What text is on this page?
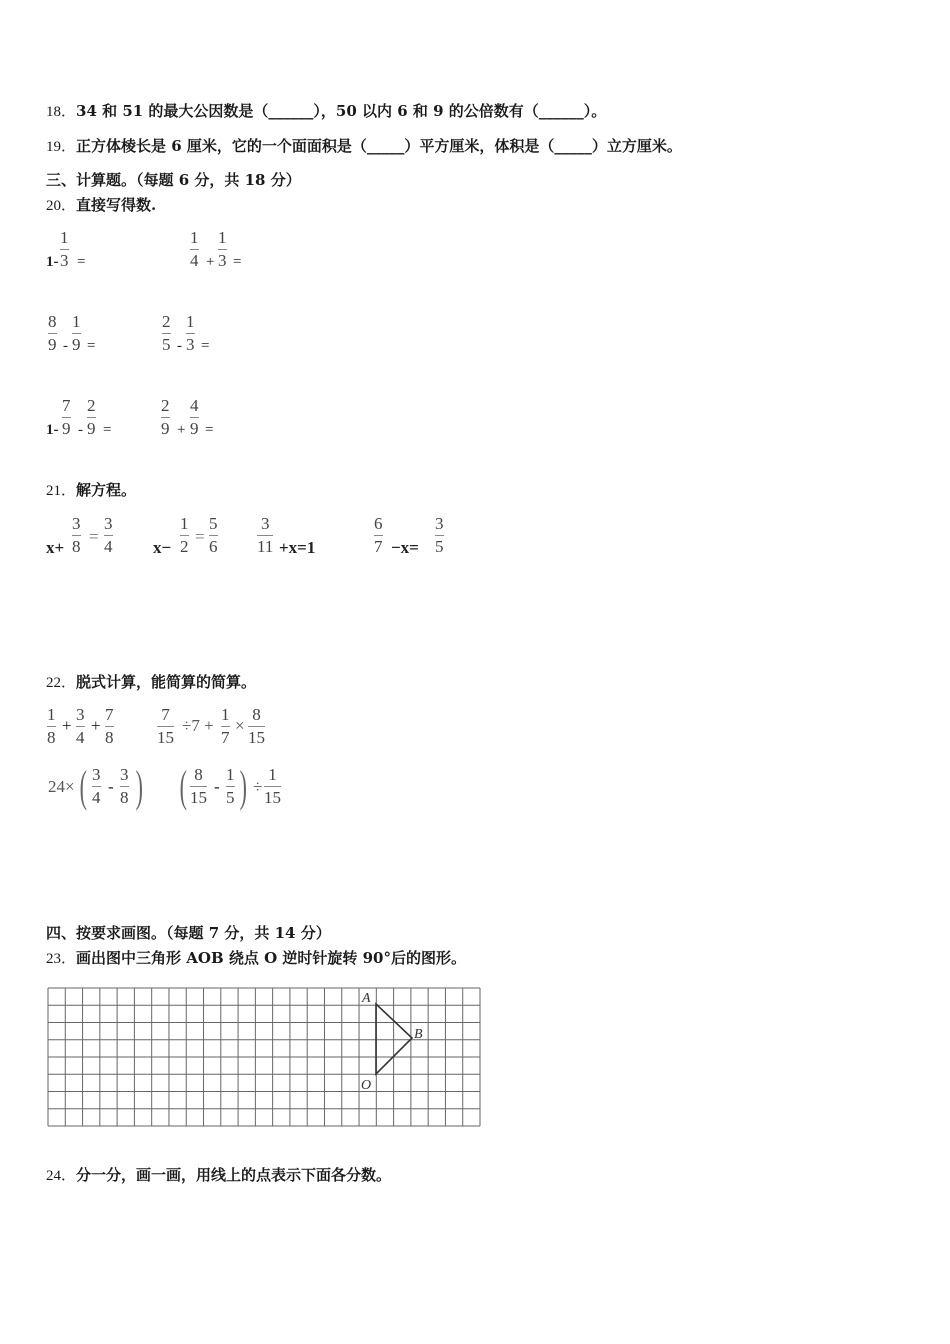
18．34 和 51 的最大公因数是（______），50 以内 6 和 9 的公倍数有（______）。
19．正方体棱长是 6 厘米，它的一个面面积是（_____）平方厘米，体积是（_____）立方厘米。
三、计算题。（每题 6 分，共 18 分）
20．直接写得数.
1-
1
3 =
1
4 +
1
3 =
8
9 -
1
9 =
2
5 -
1
3 =
1-
7
9 -
2
9 =
2
9 +
4
9 =
21．解方程。
x+
3
8
=
3
4 x−
1
2
=
5
6
3
11 +x=1
6
7 −x=
3
5
22．脱式计算，能简算的简算。
1
8
+
3
4
+
7
8
7
15
÷7 +
1
7
×
8
15
24× ( 3
4
-
3
8 ) ( 8
15
-
1
5 ) ÷
1
15
四、按要求画图。（每题 7 分，共 14 分）
23．画出图中三角形 AOB 绕点 O 逆时针旋转 90°后的图形。
A
B
O
24．分一分，画一画，用线上的点表示下面各分数。
